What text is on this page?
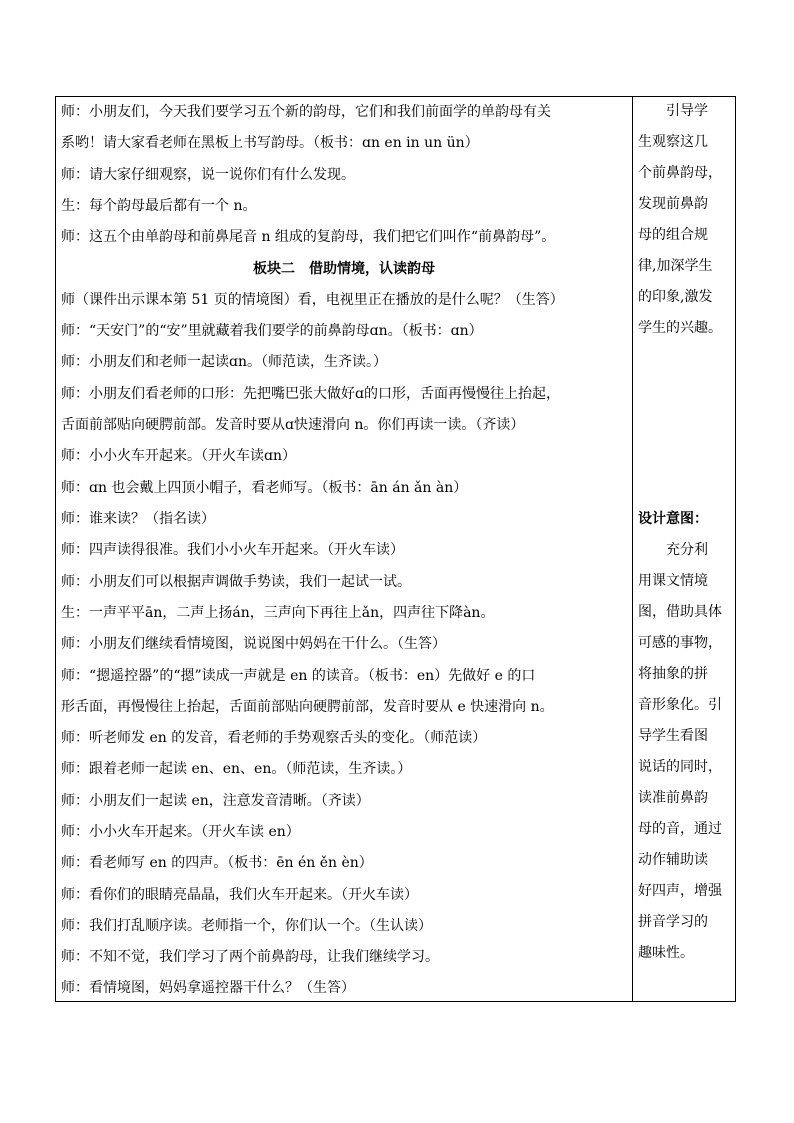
师：小朋友们，今天我们要学习五个新的韵母，它们和我们前面学的单韵母有关
系哟！请大家看老师在黑板上书写韵母。（板书：ɑn en in un ün）
师：请大家仔细观察，说一说你们有什么发现。
生：每个韵母最后都有一个 n。
师：这五个由单韵母和前鼻尾音 n 组成的复韵母，我们把它们叫作“前鼻韵母”。
板块二　借助情境，认读韵母
师（课件出示课本第 51 页的情境图）看，电视里正在播放的是什么呢？（生答）
师：“天安门”的“安”里就藏着我们要学的前鼻韵母ɑn。（板书：ɑn）
师：小朋友们和老师一起读ɑn。（师范读，生齐读。）
师：小朋友们看老师的口形：先把嘴巴张大做好ɑ的口形，舌面再慢慢往上抬起，
舌面前部贴向硬腭前部。发音时要从ɑ快速滑向 n。你们再读一读。（齐读）
师：小小火车开起来。（开火车读ɑn）
师：ɑn 也会戴上四顶小帽子，看老师写。（板书：ān án ǎn àn）
师：谁来读？（指名读）
师：四声读得很准。我们小小火车开起来。（开火车读）
师：小朋友们可以根据声调做手势读，我们一起试一试。
生：一声平平ān，二声上扬án，三声向下再往上ǎn，四声往下降àn。
师：小朋友们继续看情境图，说说图中妈妈在干什么。（生答）
师：“摁遥控器”的“摁”读成一声就是 en 的读音。（板书：en）先做好 e 的口
形舌面，再慢慢往上抬起，舌面前部贴向硬腭前部，发音时要从 e 快速滑向 n。
师：听老师发 en 的发音，看老师的手势观察舌头的变化。（师范读）
师：跟着老师一起读 en、en、en。（师范读，生齐读。）
师：小朋友们一起读 en，注意发音清晰。（齐读）
师：小小火车开起来。（开火车读 en）
师：看老师写 en 的四声。（板书：ēn én ěn èn）
师：看你们的眼睛亮晶晶，我们火车开起来。（开火车读）
师：我们打乱顺序读。老师指一个，你们认一个。（生认读）
师：不知不觉，我们学习了两个前鼻韵母，让我们继续学习。
师：看情境图，妈妈拿遥控器干什么？（生答）
引导学
生观察这几
个前鼻韵母，
发现前鼻韵
母的组合规
律,加深学生
的印象,激发
学生的兴趣。
设计意图：
充分利
用课文情境
图，借助具体
可感的事物，
将抽象的拼
音形象化。引
导学生看图
说话的同时，
读准前鼻韵
母的音，通过
动作辅助读
好四声，增强
拼音学习的
趣味性。
